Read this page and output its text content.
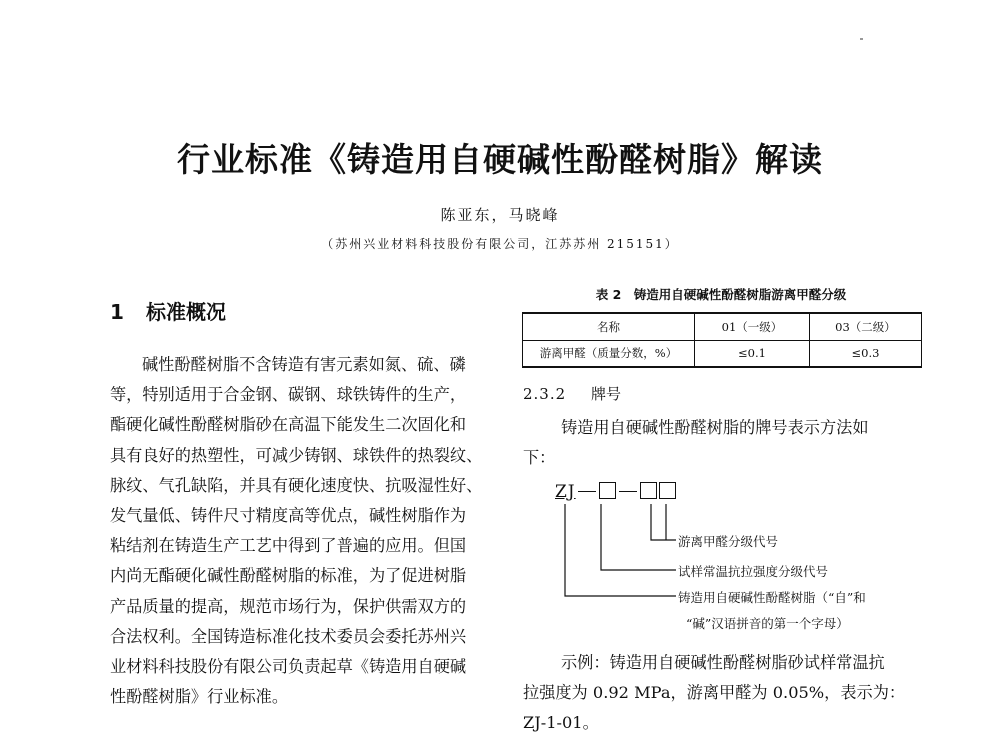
行业标准《铸造用自硬碱性酚醛树脂》解读
陈亚东，马晓峰
（苏州兴业材料科技股份有限公司，江苏苏州 215151）
1 标准概况
碱性酚醛树脂不含铸造有害元素如氮、硫、磷
等，特别适用于合金钢、碳钢、球铁铸件的生产，
酯硬化碱性酚醛树脂砂在高温下能发生二次固化和
具有良好的热塑性，可减少铸钢、球铁件的热裂纹、
脉纹、气孔缺陷，并具有硬化速度快、抗吸湿性好、
发气量低、铸件尺寸精度高等优点，碱性树脂作为
粘结剂在铸造生产工艺中得到了普遍的应用。但国
内尚无酯硬化碱性酚醛树脂的标准，为了促进树脂
产品质量的提高，规范市场行为，保护供需双方的
合法权利。全国铸造标准化技术委员会委托苏州兴
业材料科技股份有限公司负责起草《铸造用自硬碱
性酚醛树脂》行业标准。
表 2　铸造用自硬碱性酚醛树脂游离甲醛分级
名称	01（一级）	03（二级）
游离甲醛（质量分数，%）	≤0.1	≤0.3
2.3.2 牌号
铸造用自硬碱性酚醛树脂的牌号表示方法如
下：
ZJ
游离甲醛分级代号
试样常温抗拉强度分级代号
铸造用自硬碱性酚醛树脂（“自”和
“碱”汉语拼音的第一个字母）
示例：铸造用自硬碱性酚醛树脂砂试样常温抗
拉强度为 0.92 MPa，游离甲醛为 0.05%，表示为：
ZJ-1-01。
